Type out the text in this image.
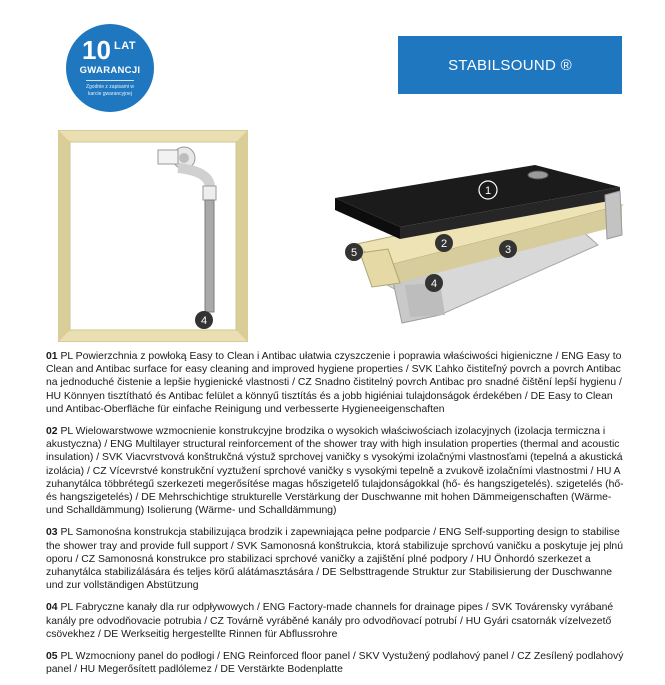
10 LAT
GWARANCJI
Zgodnie z zapisami w karcie gwarancyjnej
STABILSOUND ®
4
1
2	3
4
5

01 PL Powierzchnia z powłoką Easy to Clean i Antibac ułatwia czyszczenie i poprawia właściwości higieniczne / ENG Easy to Clean and Antibac surface for easy cleaning and improved hygiene properties / SVK Ľahko čistiteľný povrch a povrch Antibac na jednoduché čistenie a lepšie hygienické vlastnosti / CZ Snadno čistitelný povrch Antibac pro snadné čištění lepší hygienu / HU Könnyen tisztítható és Antibac felület a könnyű tisztítás és a jobb higiéniai tulajdonságok érdekében / DE Easy to Clean und Antibac-Oberfläche für einfache Reinigung und verbesserte Hygieneeigenschaften

02 PL Wielowarstwowe wzmocnienie konstrukcyjne brodzika o wysokich właściwościach izolacyjnych (izolacja termiczna i akustyczna) / ENG Multilayer structural reinforcement of the shower tray with high insulation properties (thermal and acoustic insulation) / SVK Viacvrstvová konštrukčná výstuž sprchovej vaničky s vysokými izolačnými vlastnosťami (tepelná a akustická izolácia) / CZ Vícevrstvé konstrukční vyztužení sprchové vaničky s vysokými tepelně a zvukově izolačními vlastnostmi / HU A zuhanytálca többrétegű szerkezeti megerősítése magas hőszigetelő tulajdonságokkal (hő- és hangszigetelés). szigetelés (hő- és hangszigetelés) / DE Mehrschichtige strukturelle Verstärkung der Duschwanne mit hohen Dämmeigenschaften (Wärme- und Schalldämmung) Isolierung (Wärme- und Schalldämmung)

03 PL Samonośna konstrukcja stabilizująca brodzik i zapewniająca pełne podparcie / ENG Self-supporting design to stabilise the shower tray and provide full support / SVK Samonosná konštrukcia, ktorá stabilizuje sprchovú vaničku a poskytuje jej plnú oporu / CZ Samonosná konstrukce pro stabilizaci sprchové vaničky a zajištění plné podpory / HU Önhordó szerkezet a zuhanytálca stabilizálására és teljes körű alátámasztására / DE Selbsttragende Struktur zur Stabilisierung der Duschwanne und zur vollständigen Abstützung

04 PL Fabryczne kanały dla rur odpływowych / ENG Factory-made channels for drainage pipes / SVK Továrensky vyrábané kanály pre odvodňovacie potrubia / CZ Továrně vyráběné kanály pro odvodňovací potrubí / HU Gyári csatornák vízelvezető csövekhez / DE Werkseitig hergestellte Rinnen für Abflussrohre

05 PL Wzmocniony panel do podłogi / ENG Reinforced floor panel / SKV Vystužený podlahový panel / CZ Zesílený podlahový panel / HU Megerősített padlólemez / DE Verstärkte Bodenplatte
